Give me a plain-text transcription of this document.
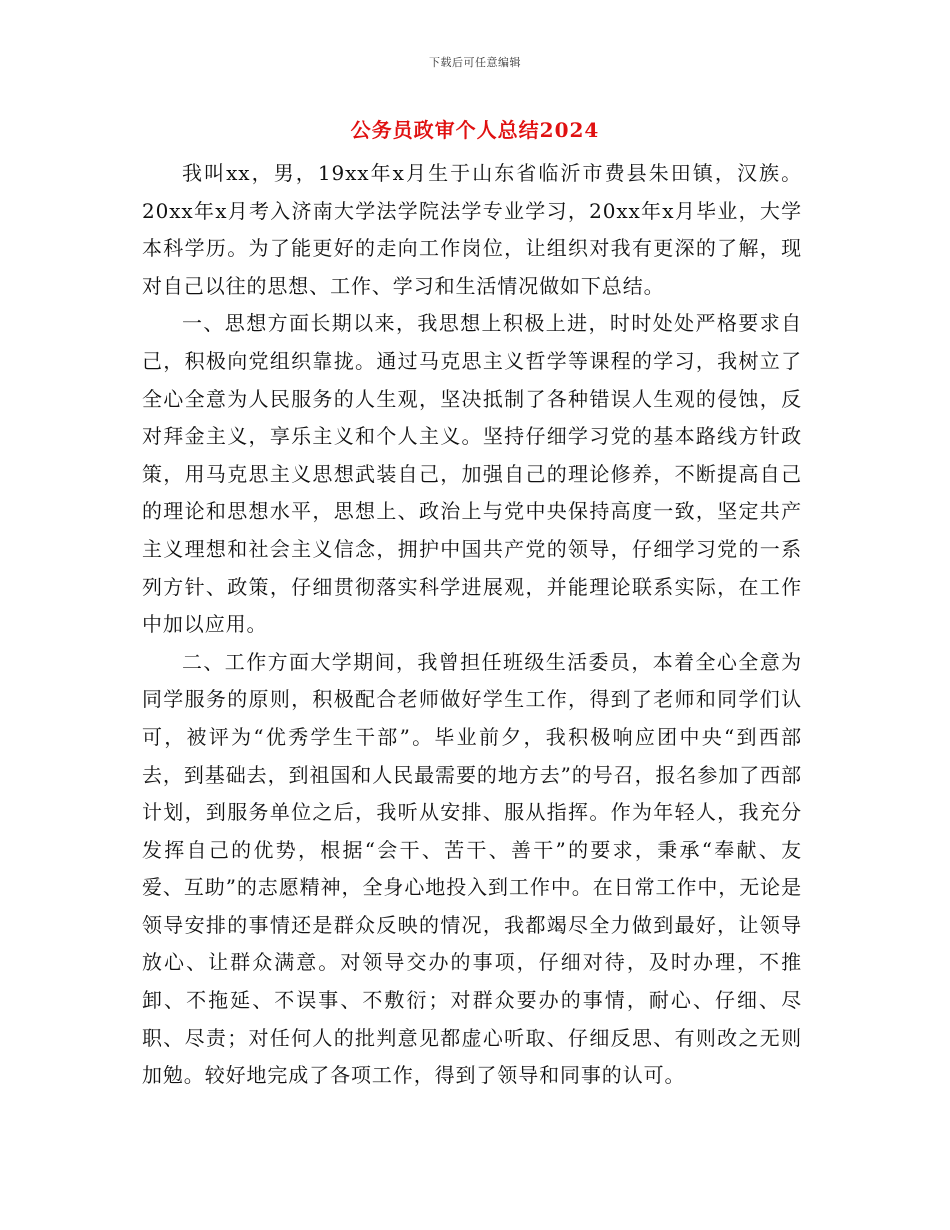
下载后可任意编辑
公务员政审个人总结2024

我叫xx，男，19xx年x月生于山东省临沂市费县朱田镇，汉族。20xx年x月考入济南大学法学院法学专业学习，20xx年x月毕业，大学本科学历。为了能更好的走向工作岗位，让组织对我有更深的了解，现对自己以往的思想、工作、学习和生活情况做如下总结。

一、思想方面长期以来，我思想上积极上进，时时处处严格要求自己，积极向党组织靠拢。通过马克思主义哲学等课程的学习，我树立了全心全意为人民服务的人生观，坚决抵制了各种错误人生观的侵蚀，反对拜金主义，享乐主义和个人主义。坚持仔细学习党的基本路线方针政策，用马克思主义思想武装自己，加强自己的理论修养，不断提高自己的理论和思想水平，思想上、政治上与党中央保持高度一致，坚定共产主义理想和社会主义信念，拥护中国共产党的领导，仔细学习党的一系列方针、政策，仔细贯彻落实科学进展观，并能理论联系实际，在工作中加以应用。

二、工作方面大学期间，我曾担任班级生活委员，本着全心全意为同学服务的原则，积极配合老师做好学生工作，得到了老师和同学们认可，被评为“优秀学生干部”。毕业前夕，我积极响应团中央“到西部去，到基础去，到祖国和人民最需要的地方去”的号召，报名参加了西部计划，到服务单位之后，我听从安排、服从指挥。作为年轻人，我充分发挥自己的优势，根据“会干、苦干、善干”的要求，秉承“奉献、友爱、互助”的志愿精神，全身心地投入到工作中。在日常工作中，无论是领导安排的事情还是群众反映的情况，我都竭尽全力做到最好，让领导放心、让群众满意。对领导交办的事项，仔细对待，及时办理，不推卸、不拖延、不误事、不敷衍；对群众要办的事情，耐心、仔细、尽职、尽责；对任何人的批判意见都虚心听取、仔细反思、有则改之无则加勉。较好地完成了各项工作，得到了领导和同事的认可。
